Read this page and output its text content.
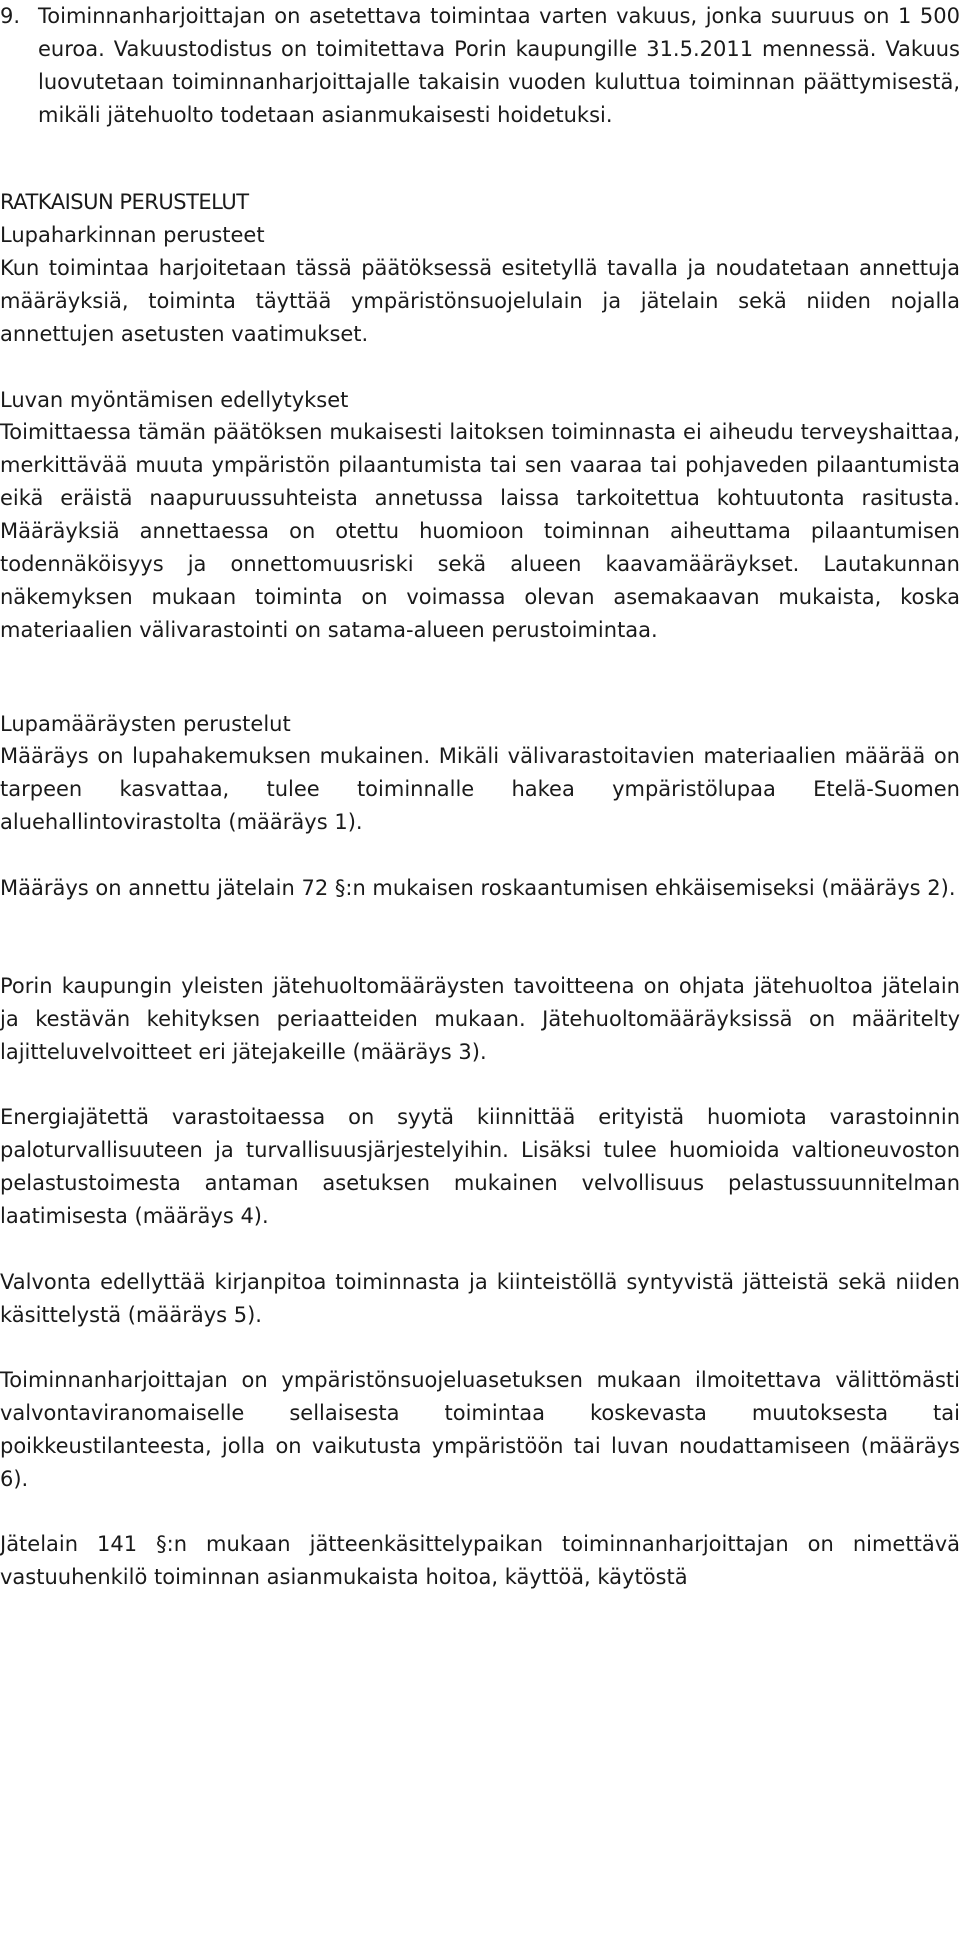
9. Toiminnanharjoittajan on asetettava toimintaa varten vakuus, jonka suuruus on 1 500 euroa. Vakuustodistus on toimitettava Porin kaupungille 31.5.2011 mennessä. Vakuus luovutetaan toiminnanharjoittajalle takaisin vuoden kuluttua toiminnan päättymisestä, mikäli jätehuolto todetaan asianmukaisesti hoidetuksi.
RATKAISUN PERUSTELUT
Lupaharkinnan perusteet

Kun toimintaa harjoitetaan tässä päätöksessä esitetyllä tavalla ja noudatetaan annettuja määräyksiä, toiminta täyttää ympäristönsuojelulain ja jätelain sekä niiden nojalla annettujen asetusten vaatimukset.

Luvan myöntämisen edellytykset

Toimittaessa tämän päätöksen mukaisesti laitoksen toiminnasta ei aiheudu terveyshaittaa, merkittävää muuta ympäristön pilaantumista tai sen vaaraa tai pohjaveden pilaantumista eikä eräistä naapuruussuhteista annetussa laissa tarkoitettua kohtuutonta rasitusta. Määräyksiä annettaessa on otettu huomioon toiminnan aiheuttama pilaantumisen todennäköisyys ja onnettomuusriski sekä alueen kaavamääräykset. Lautakunnan näkemyksen mukaan toiminta on voimassa olevan asemakaavan mukaista, koska materiaalien välivarastointi on satama-alueen perustoimintaa.

Lupamääräysten perustelut

Määräys on lupahakemuksen mukainen. Mikäli välivarastoitavien materiaalien määrää on tarpeen kasvattaa, tulee toiminnalle hakea ympäristölupaa Etelä-Suomen aluehallintovirastolta (määräys 1).

Määräys on annettu jätelain 72 §:n mukaisen roskaantumisen ehkäisemiseksi (määräys 2).

Porin kaupungin yleisten jätehuoltomääräysten tavoitteena on ohjata jätehuoltoa jätelain ja kestävän kehityksen periaatteiden mukaan. Jätehuoltomääräyksissä on määritelty lajitteluvelvoitteet eri jätejakeille (määräys 3).

Energiajätettä varastoitaessa on syytä kiinnittää erityistä huomiota varastoinnin paloturvallisuuteen ja turvallisuusjärjestelyihin. Lisäksi tulee huomioida valtioneuvoston pelastustoimesta antaman asetuksen mukainen velvollisuus pelastussuunnitelman laatimisesta (määräys 4).

Valvonta edellyttää kirjanpitoa toiminnasta ja kiinteistöllä syntyvistä jätteistä sekä niiden käsittelystä (määräys 5).

Toiminnanharjoittajan on ympäristönsuojeluasetuksen mukaan ilmoitettava välittömästi valvontaviranomaiselle sellaisesta toimintaa koskevasta muutoksesta tai poikkeustilanteesta, jolla on vaikutusta ympäristöön tai luvan noudattamiseen (määräys 6).

Jätelain 141 §:n mukaan jätteenkäsittelypaikan toiminnanharjoittajan on nimettävä vastuuhenkilö toiminnan asianmukaista hoitoa, käyttöä, käytöstä
